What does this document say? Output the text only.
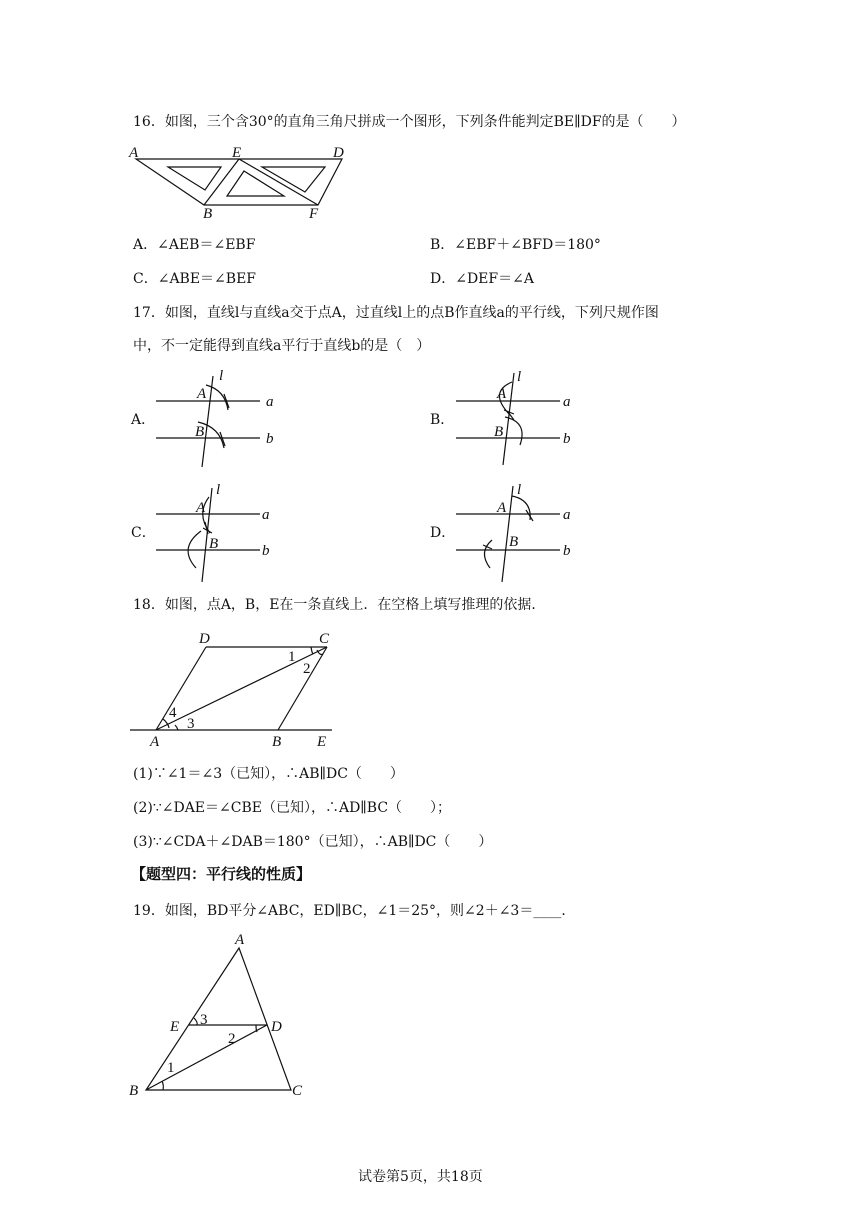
16．如图，三个含30°的直角三角尺拼成一个图形，下列条件能判定BE∥DF的是（　　）
A	E	D
B	F
A．∠AEB＝∠EBF	B．∠EBF＋∠BFD＝180°
C．∠ABE＝∠BEF	D．∠DEF＝∠A
17．如图，直线l与直线a交于点A，过直线l上的点B作直线a的平行线，下列尺规作图
中，不一定能得到直线a平行于直线b的是（　）
A．	B．
C．	D．
l
A	a
B	b
l
A	a
B	b
l
A	a
B	b
l
A	a
B
b
18．如图，点A，B，E在一条直线上．在空格上填写推理的依据．
D	C
1
2
4
3
A	B E
(1)∵∠1＝∠3（已知），∴AB∥DC（　　）
(2)∵∠DAE＝∠CBE（已知），∴AD∥BC（　　）；
(3)∵∠CDA＋∠DAB＝180°（已知），∴AB∥DC（　　）
【题型四：平行线的性质】
19．如图，BD平分∠ABC，ED∥BC，∠1＝25°，则∠2＋∠3＝____．
A
E 3	D
2
1
B	C
试卷第5页，共18页
